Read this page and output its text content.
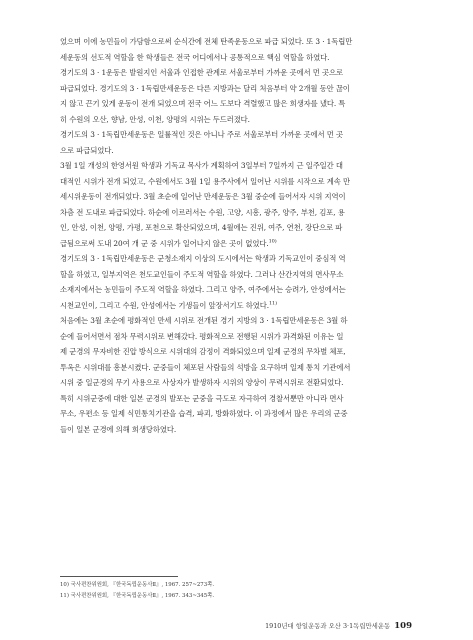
었으며 이에 농민들이 가담함으로써 순식간에 전체 탄족운동으로 파급 되었다. 또 3 · 1독립만
세운동의 선도적 역할을 한 학생들은 전국 어디에서나 공통적으로 핵심 역할을 하였다.

경기도의 3 · 1운동은 발원지인 서울과 인접한 관계로 서울로부터 가까운 곳에서 먼 곳으로
파급되었다. 경기도의 3 · 1독립만세운동은 다른 지방과는 달리 처음부터 약 2개월 동안 끊이
지 않고 끈기 있게 운동이 전개 되었으며 전국 어느 도보다 격렬했고 많은 희생자를 냈다. 특
히 수원의 오산, 향남, 안성, 이천, 양평의 시위는 두드러졌다.

경기도의 3 · 1독립만세운동은 일률적인 것은 아니나 주로 서울로부터 가까운 곳에서 먼 곳
으로 파급되었다.

3월 1일 개성의 한영서원 학생과 기독교 목사가 계획하여 3일부터 7일까지 근 일주일간 대
대적인 시위가 전개 되었고, 수원에서도 3월 1일 용주사에서 일어난 시위를 시작으로 계속 만
세시위운동이 전개되었다. 3월 초순에 일어난 만세운동은 3월 중순에 들어서자 시위 지역이
차츰 전 도내로 파급되었다. 하순에 이르러서는 수원, 고양, 시흥, 광주, 양주, 부천, 김포, 용
인, 안성, 이천, 양평, 가평, 포천으로 확산되었으며, 4월에는 진위, 여주, 연천, 장단으로 파
급됨으로써 도내 20여 개 군 중 시위가 일어나지 않은 곳이 없었다.$^{10)}$

경기도의 3 · 1독립만세운동은 군청소재지 이상의 도시에서는 학생과 기독교인이 중심적 역
할을 하였고, 일부지역은 천도교인들이 주도적 역할을 하였다. 그러나 산간지역의 면사무소
소재지에서는 농민들이 주도적 역할을 하였다. 그리고 양주, 여주에서는 승려가, 안성에서는
시천교인이, 그리고 수원, 안성에서는 기생들이 앞장서기도 하였다.$^{11)}$

처음에는 3월 초순에 평화적인 만세 시위로 전개된 경기 지방의 3 · 1독립만세운동은 3월 하
순에 들어서면서 점차 무력시위로 변해갔다. 평화적으로 전행된 시위가 과격화된 이유는 일
제 군경의 무자비한 진압 방식으로 시위대의 감정이 격화되었으며 일제 군경의 무차별 체포,
투옥은 시위대를 흥분시켰다. 군중들이 체포된 사람들의 석방을 요구하며 일제 통치 기관에서
시위 중 일군경의 무기 사용으로 사상자가 발생하자 시위의 양상이 무력시위로 전환되었다.
특히 시위군중에 대한 일본 군경의 발포는 군중을 극도로 자극하여 경찰서뿐만 아니라 면사
무소, 우편소 등 일제 식민통치기관을 습격, 파괴, 방화하였다. 이 과정에서 많은 우리의 군중
들이 일본 군경에 의해 희생당하였다.

10) 국사편찬위원회, 『한국독립운동사Ⅱ』, 1967. 257~273쪽.

11) 국사편찬위원회, 『한국독립운동사Ⅱ』, 1967. 343~345쪽.

1910년대 항일운동과 오산 3·1독립만세운동 109
